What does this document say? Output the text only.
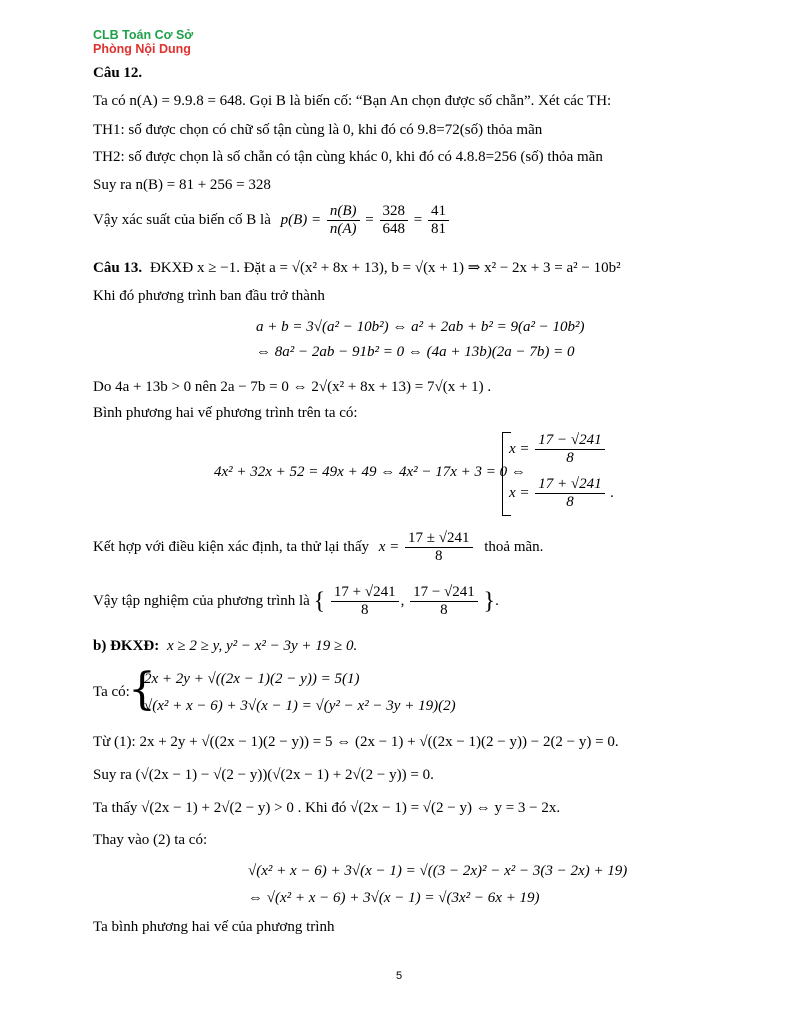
CLB Toán Cơ Sở
Phòng Nội Dung
Câu 12.
Ta có n(A) = 9.9.8 = 648. Gọi B là biến cố: “Bạn An chọn được số chẵn”. Xét các TH:
TH1: số được chọn có chữ số tận cùng là 0, khi đó có 9.8=72(số) thỏa mãn
TH2: số được chọn là số chẵn có tận cùng khác 0, khi đó có 4.8.8=256 (số) thỏa mãn
Suy ra n(B) = 81 + 256 = 328
Vậy xác suất của biến cố B là $p(B) = \frac{n(B)}{n(A)} = \frac{328}{648} = \frac{41}{81}$
Câu 13. ĐKXĐ x ≥ −1. Đặt a = √(x² + 8x + 13), b = √(x + 1) ⇒ x² − 2x + 3 = a² − 10b²
Khi đó phương trình ban đầu trở thành
a + b = 3√(a² − 10b²) ⇔ a² + 2ab + b² = 9(a² − 10b²)
⇔ 8a² − 2ab − 91b² = 0 ⇔ (4a + 13b)(2a − 7b) = 0
Do 4a + 13b > 0 nên 2a − 7b = 0 ⇔ 2√(x² + 8x + 13) = 7√(x + 1) .
Bình phương hai vế phương trình trên ta có:
4x² + 32x + 52 = 49x + 49 ⇔ 4x² − 17x + 3 = 0 ⇔
$x = \frac{17 - √241}{8}$
$x = \frac{17 + √241}{8}$ .
Kết hợp với điều kiện xác định, ta thử lại thấy $x = \frac{17 \pm √241}{8}$ thoả mãn.
Vậy tập nghiệm của phương trình là { $\frac{17 + √241}{8}$ , $\frac{17 - √241}{8}$ }.
b) ĐKXĐ: x ≥ 2 ≥ y, y² − x² − 3y + 19 ≥ 0.
Ta có:
{
2x + 2y + √((2x − 1)(2 − y)) = 5(1)
√(x² + x − 6) + 3√(x − 1) = √(y² − x² − 3y + 19)(2)
Từ (1): 2x + 2y + √((2x − 1)(2 − y)) = 5 ⇔ (2x − 1) + √((2x − 1)(2 − y)) − 2(2 − y) = 0.
Suy ra (√(2x − 1) − √(2 − y))(√(2x − 1) + 2√(2 − y)) = 0.
Ta thấy √(2x − 1) + 2√(2 − y) > 0 . Khi đó √(2x − 1) = √(2 − y) ⇔ y = 3 − 2x.
Thay vào (2) ta có:
√(x² + x − 6) + 3√(x − 1) = √((3 − 2x)² − x² − 3(3 − 2x) + 19)
⇔ √(x² + x − 6) + 3√(x − 1) = √(3x² − 6x + 19)
Ta bình phương hai vế của phương trình
5
